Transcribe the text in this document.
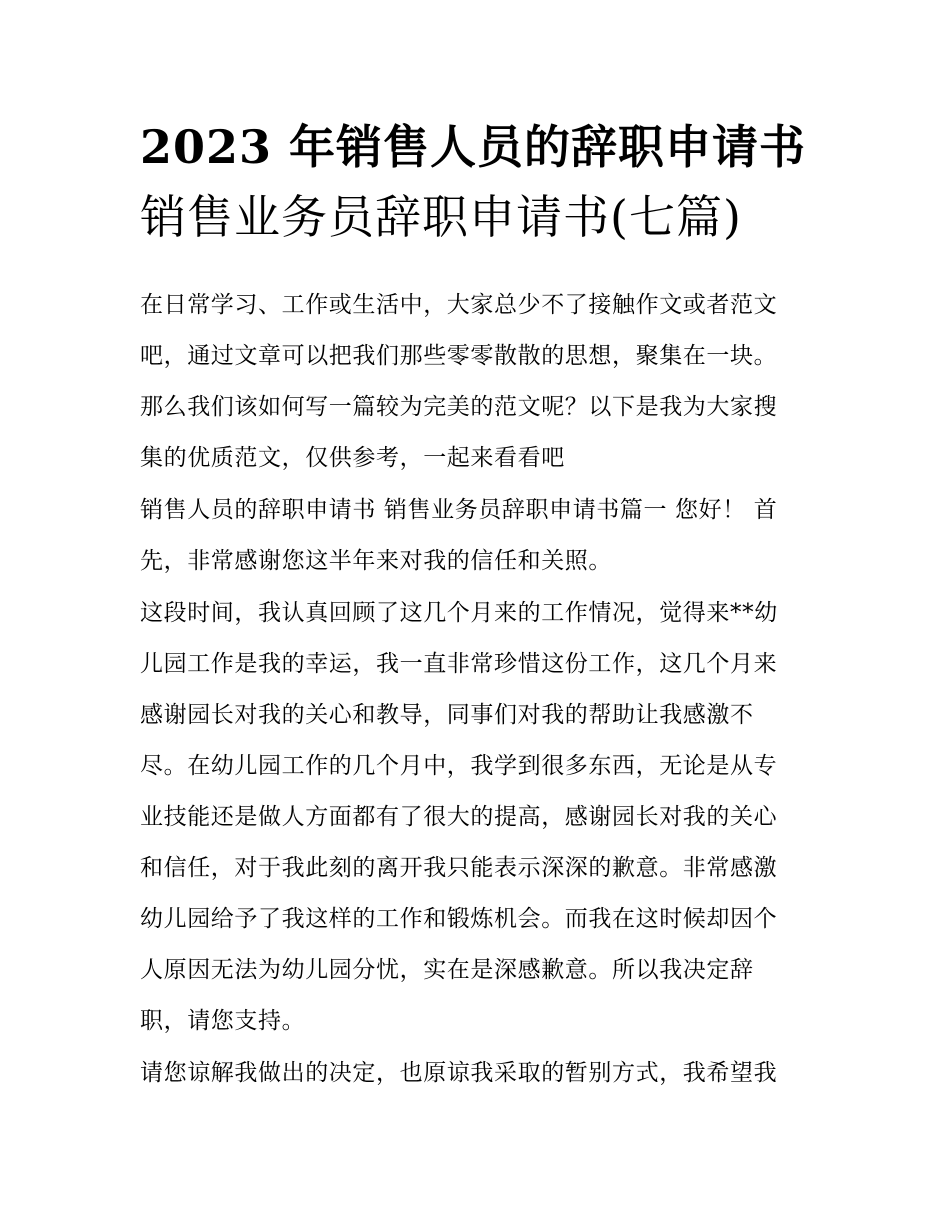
2023 年销售人员的辞职申请书
销售业务员辞职申请书(七篇)
在日常学习、工作或生活中，大家总少不了接触作文或者范文
吧，通过文章可以把我们那些零零散散的思想，聚集在一块。
那么我们该如何写一篇较为完美的范文呢？以下是我为大家搜
集的优质范文，仅供参考，一起来看看吧
销售人员的辞职申请书 销售业务员辞职申请书篇一 您好！ 首
先，非常感谢您这半年来对我的信任和关照。
这段时间，我认真回顾了这几个月来的工作情况，觉得来**幼
儿园工作是我的幸运，我一直非常珍惜这份工作，这几个月来
感谢园长对我的关心和教导，同事们对我的帮助让我感激不
尽。在幼儿园工作的几个月中，我学到很多东西，无论是从专
业技能还是做人方面都有了很大的提高，感谢园长对我的关心
和信任，对于我此刻的离开我只能表示深深的歉意。非常感激
幼儿园给予了我这样的工作和锻炼机会。而我在这时候却因个
人原因无法为幼儿园分忧，实在是深感歉意。所以我决定辞
职，请您支持。
请您谅解我做出的决定，也原谅我采取的暂别方式，我希望我
